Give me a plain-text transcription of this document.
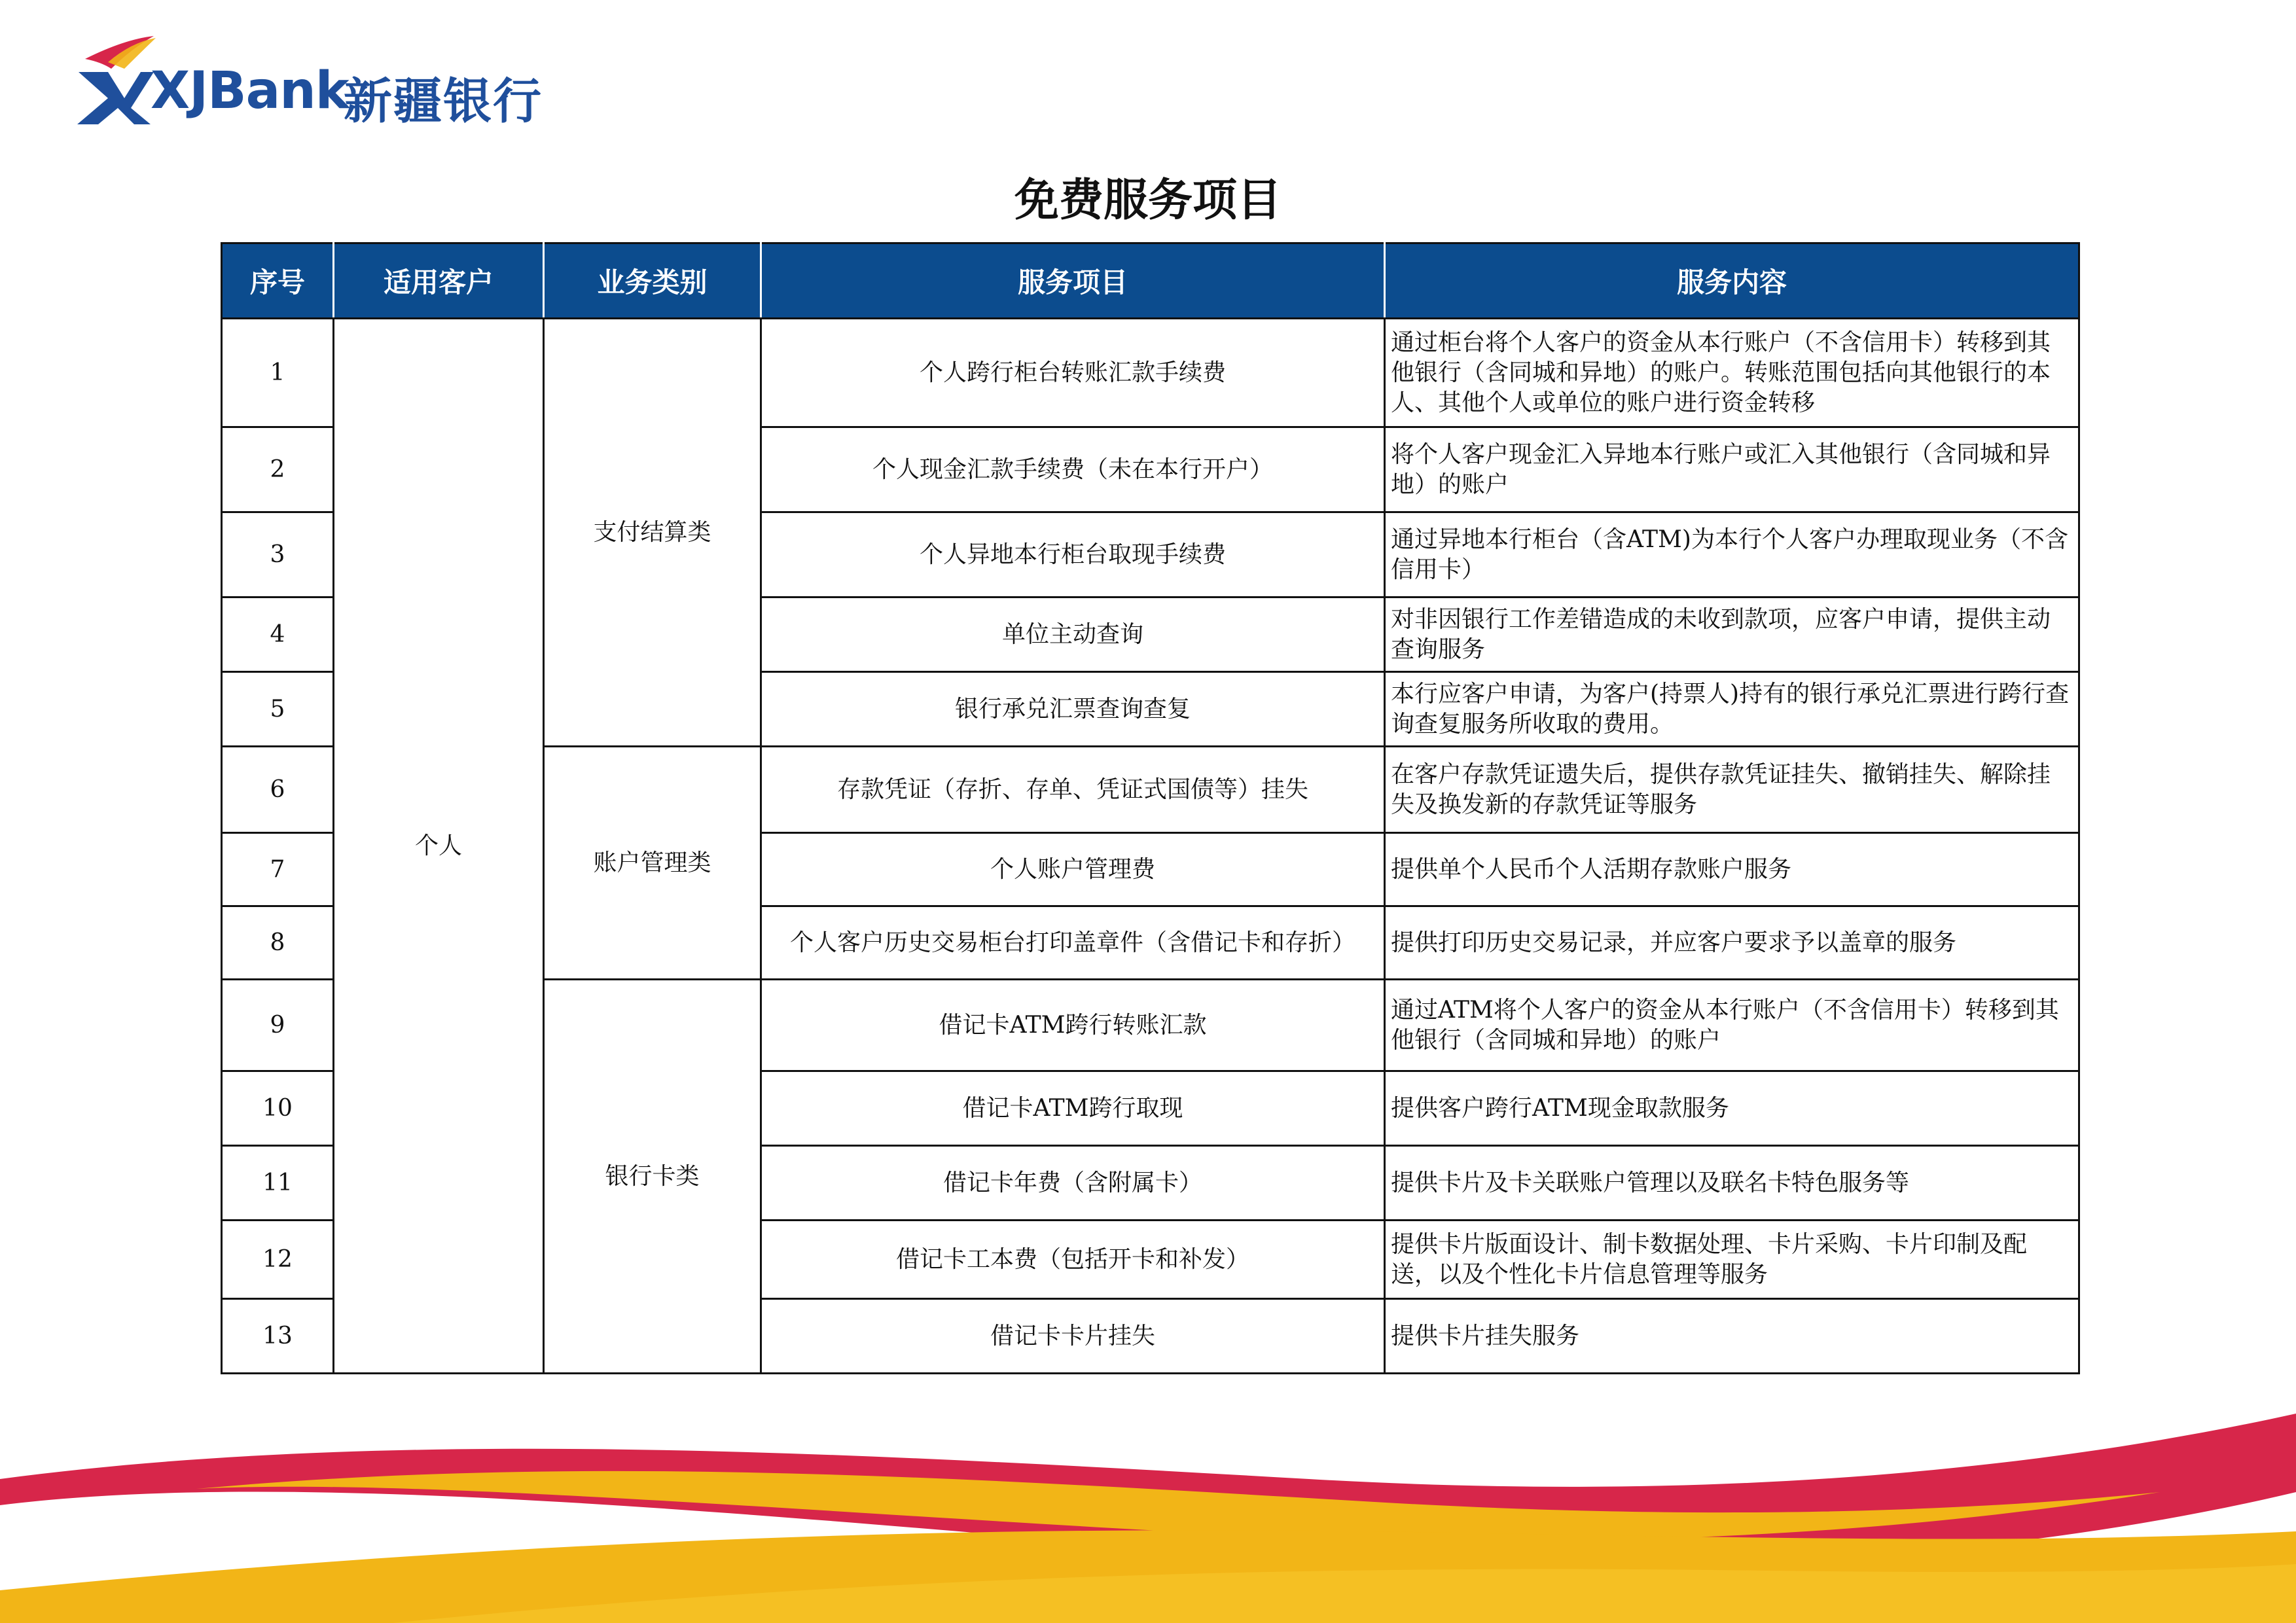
XJBank
新疆银行
免费服务项目
序号	适用客户	业务类别	服务项目	服务内容
1	个人	支付结算类	个人跨行柜台转账汇款手续费	通过柜台将个人客户的资金从本行账户（不含信用卡）转移到其他银行（含同城和异地）的账户。转账范围包括向其他银行的本人、其他个人或单位的账户进行资金转移
2			个人现金汇款手续费（未在本行开户）	将个人客户现金汇入异地本行账户或汇入其他银行（含同城和异地）的账户
3			个人异地本行柜台取现手续费	通过异地本行柜台（含ATM)为本行个人客户办理取现业务（不含信用卡）
4			单位主动查询	对非因银行工作差错造成的未收到款项，应客户申请，提供主动查询服务
5			银行承兑汇票查询查复	本行应客户申请，为客户(持票人)持有的银行承兑汇票进行跨行查询查复服务所收取的费用。
6		账户管理类	存款凭证（存折、存单、凭证式国债等）挂失	在客户存款凭证遗失后，提供存款凭证挂失、撤销挂失、解除挂失及换发新的存款凭证等服务
7			个人账户管理费	提供单个人民币个人活期存款账户服务
8			个人客户历史交易柜台打印盖章件（含借记卡和存折）	提供打印历史交易记录，并应客户要求予以盖章的服务
9		银行卡类	借记卡ATM跨行转账汇款	通过ATM将个人客户的资金从本行账户（不含信用卡）转移到其他银行（含同城和异地）的账户
10			借记卡ATM跨行取现	提供客户跨行ATM现金取款服务
11			借记卡年费（含附属卡）	提供卡片及卡关联账户管理以及联名卡特色服务等
12			借记卡工本费（包括开卡和补发）	提供卡片版面设计、制卡数据处理、卡片采购、卡片印制及配送，以及个性化卡片信息管理等服务
13			借记卡卡片挂失	提供卡片挂失服务
